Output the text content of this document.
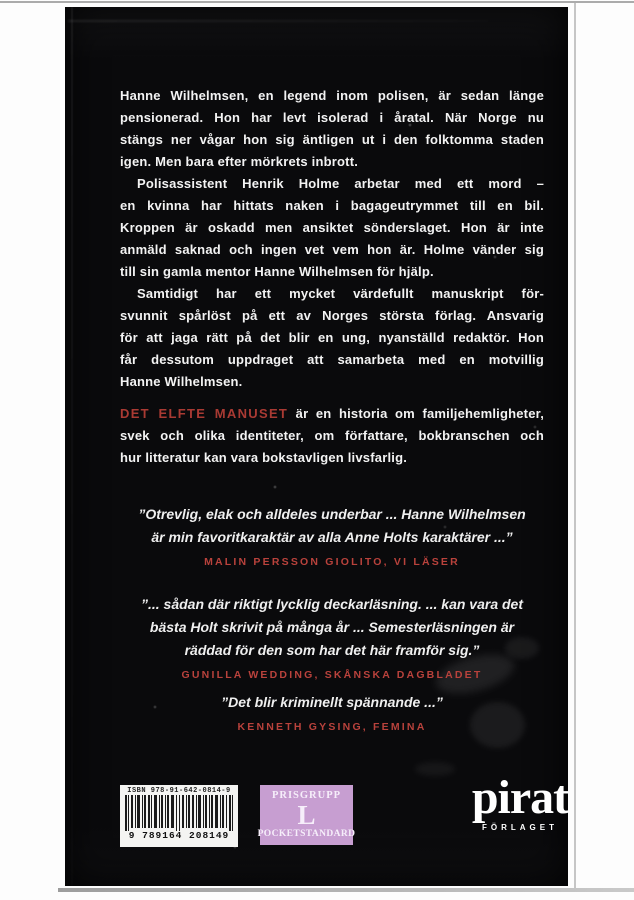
Hanne Wilhelmsen, en legend inom polisen, är sedan länge
pensionerad. Hon har levt isolerad i åratal. När Norge nu
stängs ner vågar hon sig äntligen ut i den folktomma staden
igen. Men bara efter mörkrets inbrott.
Polisassistent Henrik Holme arbetar med ett mord –
en kvinna har hittats naken i bagageutrymmet till en bil.
Kroppen är oskadd men ansiktet sönderslaget. Hon är inte
anmäld saknad och ingen vet vem hon är. Holme vänder sig
till sin gamla mentor Hanne Wilhelmsen för hjälp.
Samtidigt har ett mycket värdefullt manuskript för-
svunnit spårlöst på ett av Norges största förlag. Ansvarig
för att jaga rätt på det blir en ung, nyanställd redaktör. Hon
får dessutom uppdraget att samarbeta med en motvillig
Hanne Wilhelmsen.
DET ELFTE MANUSET är en historia om familjehemligheter,
svek och olika identiteter, om författare, bokbranschen och
hur litteratur kan vara bokstavligen livsfarlig.
”Otrevlig, elak och alldeles underbar ... Hanne Wilhelmsen
är min favoritkaraktär av alla Anne Holts karaktärer ...”
MALIN PERSSON GIOLITO, VI LÄSER
”... sådan där riktigt lycklig deckarläsning. ... kan vara det
bästa Holt skrivit på många år ... Semesterläsningen är
räddad för den som har det här framför sig.”
GUNILLA WEDDING, SKÅNSKA DAGBLADET
”Det blir kriminellt spännande ...”
KENNETH GYSING, FEMINA
ISBN 978-91-642-0814-9
9 789164 208149
PRISGRUPP
L
POCKETSTANDARD
pirat
FÖRLAGET
